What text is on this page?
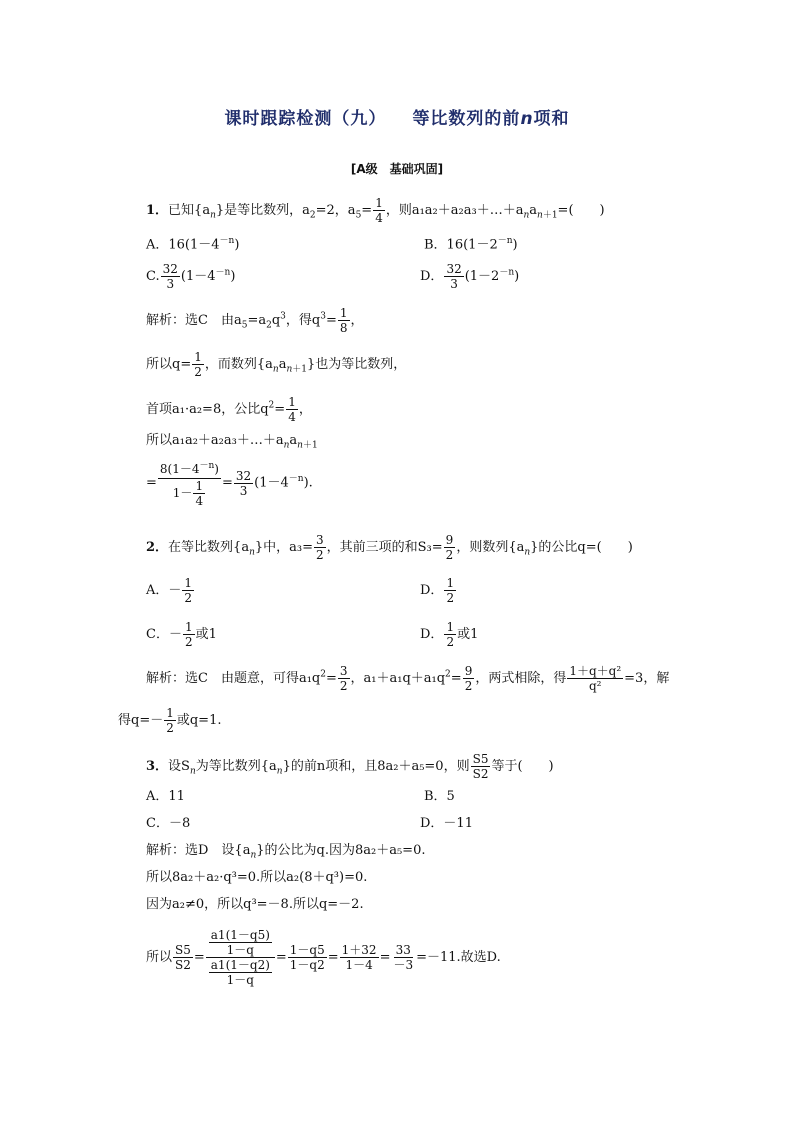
课时跟踪检测（九） 等比数列的前n项和
[A级　基础巩固]
1．已知$\{a_n\}$是等比数列，$a_2=2$，$a_5= \frac{1}{4}$ ，则$a_1a_2+a_2a_3+\dots+a_na_{n+1}=$(　　)
A．$16(1-4^{-n})$	B．$16(1-2^{-n})$
C. $\frac{32}{3} (1-4^{-n})$	D． $\frac{32}{3} (1-2^{-n})$
解析：选C　由$a_5=a_2q^3$，得$q^3= \frac{1}{8}$ ，
所以$q= \frac{1}{2}$ ，而数列$\{a_na_{n+1}\}$也为等比数列，
首项a₁·a₂=8，公比$q^2= \frac{1}{4}$ ，
所以$a_1a_2+a_2a_3+\dots+a_na_{n+1}$
= $\frac{8(1-4^{-n})}{1- \frac{1}{4}} = \frac{32}{3} (1-4^{-n})$.
2．在等比数列$\{a_n\}$中，$a_3= \frac{3}{2}$ ，其前三项的和$S_3= \frac{9}{2}$ ，则数列$\{a_n\}$的公比q=(　　)
A．－ $\frac{1}{2}$	D． $\frac{1}{2}$
C．－ $\frac{1}{2}$ 或1	D． $\frac{1}{2}$ 或1
解析：选C　由题意，可得$a_1q^2= \frac{3}{2}$ ，$a_1+a_1q+a_1q^2= \frac{9}{2}$ ，两式相除，得 $\frac{\text{1＋q＋q²}}{\text{q²}} =3$，解
得$q=- \frac{1}{2}$ 或q=1.
3．设$S_n$为等比数列$\{a_n\}$的前n项和，且8a₂＋a₅=0，则 $\frac{S5}{S2}$ 等于(　　)
A．11	B．5
C．－8	D．－11
解析：选D　设$\{a_n\}$的公比为q.因为8a₂＋a₅=0.
所以8a₂＋a₂·q³=0.所以a₂(8＋q³)=0.
因为a₂≠0，所以q³=－8.所以q=－2.
所以 $\frac{S5}{S2} = \frac{\frac{a1(1-q5)}{1-q}}{\frac{a1(1-q2)}{1-q}} = \frac{1-q5}{1-q2} = \frac{1+32}{1-4} = \frac{33}{-3} =-11$.故选D.
